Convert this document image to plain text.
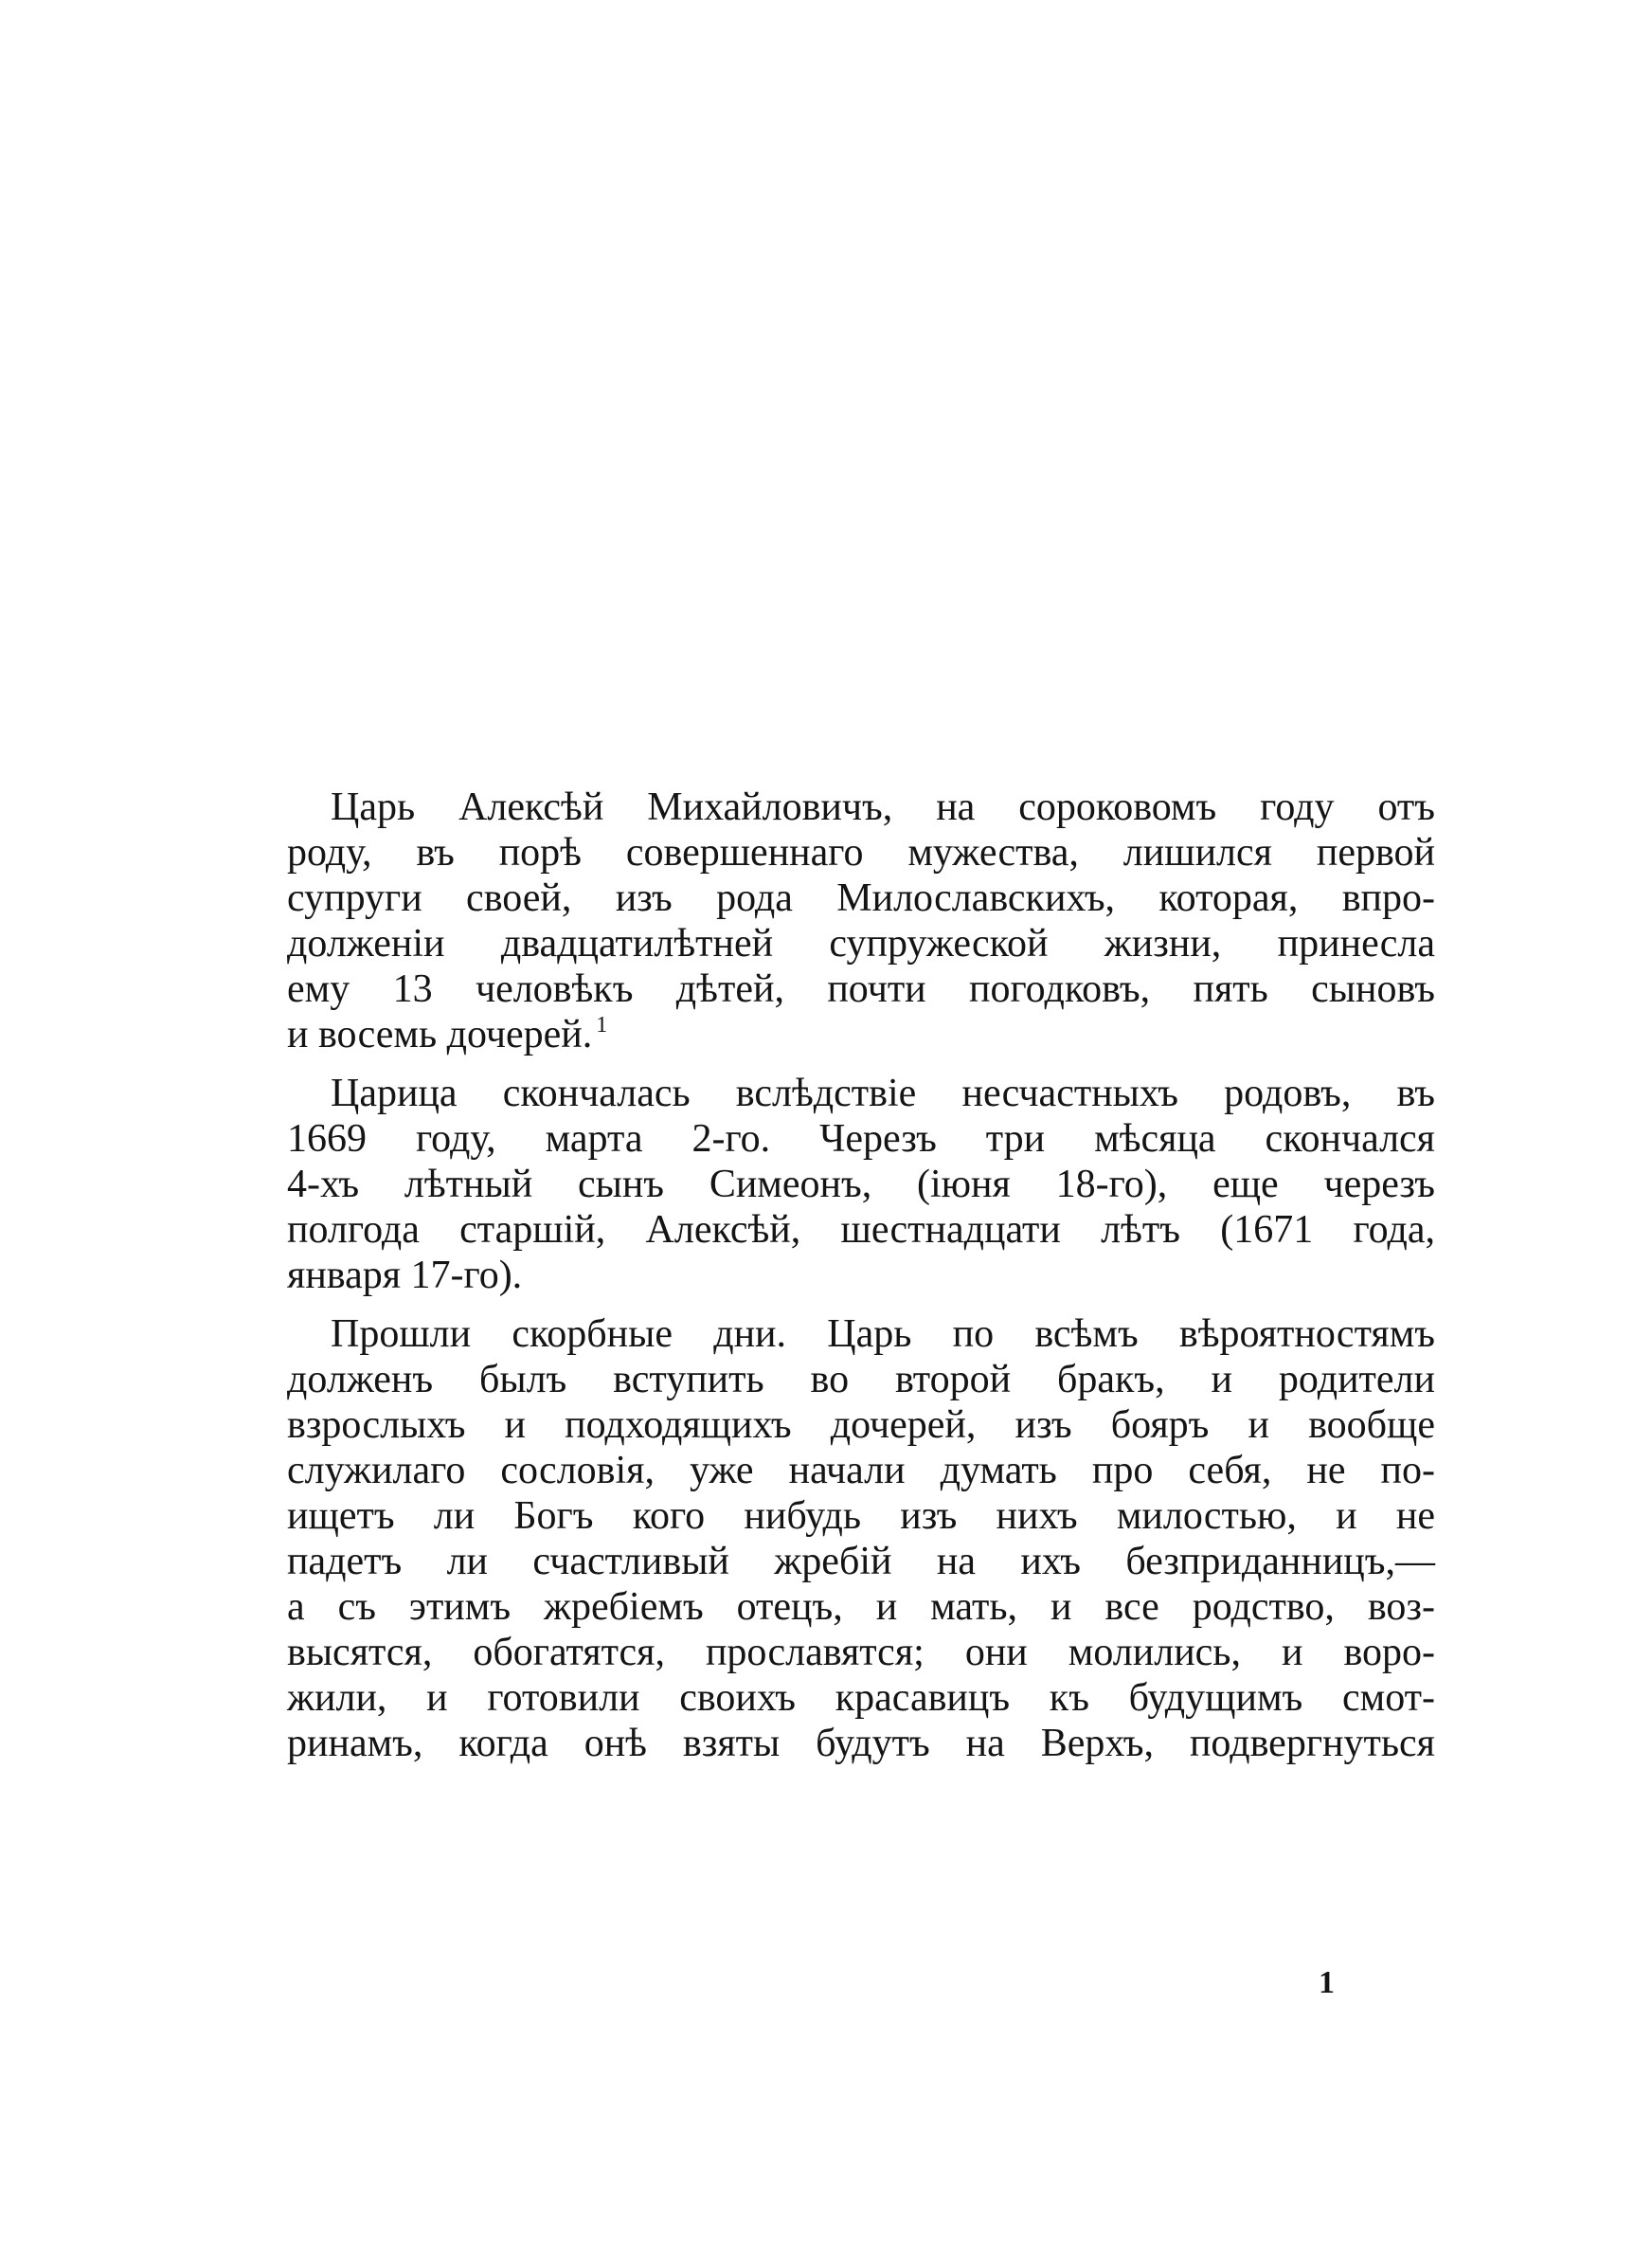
Царь Алексѣй Михайловичъ, на сороковомъ году отъ
роду, въ порѣ совершеннаго мужества, лишился первой
супруги своей, изъ рода Милославскихъ, которая, впро-
долженіи двадцатилѣтней супружеской жизни, принесла
ему 13 человѣкъ дѣтей, почти погодковъ, пять сыновъ
и восемь дочерей. $^1$
Царица скончалась вслѣдствіе несчастныхъ родовъ, въ
1669 году, марта 2-го. Черезъ три мѣсяца скончался
4-хъ лѣтный сынъ Симеонъ, (іюня 18-го), еще черезъ
полгода старшій, Алексѣй, шестнадцати лѣтъ (1671 года,
января 17-го).
Прошли скорбные дни. Царь по всѣмъ вѣроятностямъ
долженъ былъ вступить во второй бракъ, и родители
взрослыхъ и подходящихъ дочерей, изъ бояръ и вообще
служилаго сословія, уже начали думать про себя, не по-
ищетъ ли Богъ кого нибудь изъ нихъ милостью, и не
падетъ ли счастливый жребій на ихъ безприданницъ,—
а съ этимъ жребіемъ отецъ, и мать, и все родство, воз-
высятся, обогатятся, прославятся; они молились, и воро-
жили, и готовили своихъ красавицъ къ будущимъ смот-
ринамъ, когда онѣ взяты будутъ на Верхъ, подвергнуться
1
